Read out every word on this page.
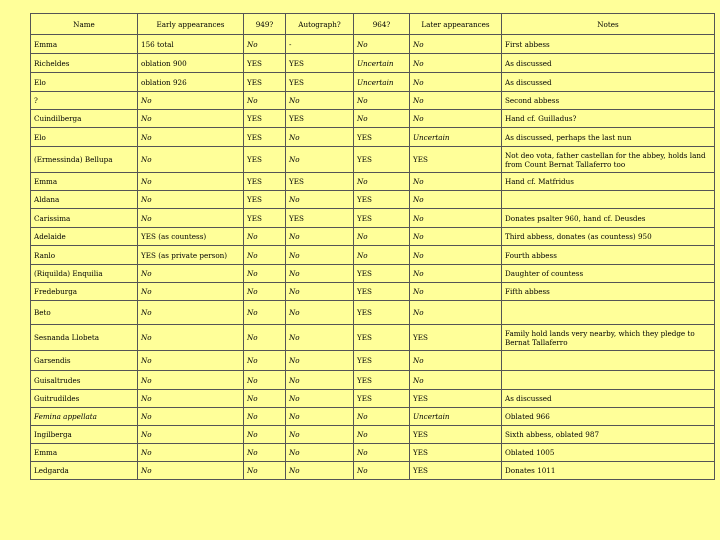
Name	Early appearances	949?	Autograph?	964?	Later appearances	Notes
Emma	156 total	No	-	No	No	First abbess
Richeldes	oblation 900	YES	YES	Uncertain	No	As discussed
Elo	oblation 926	YES	YES	Uncertain	No	As discussed
?	No	No	No	No	No	Second abbess
Cuindilberga	No	YES	YES	No	No	Hand cf. Guilladus?
Elo	No	YES	No	YES	Uncertain	As discussed, perhaps the last nun
(Ermessinda) Bellupa	No	YES	No	YES	YES	Not deo vota, father castellan for the abbey, holds land from Count Bernat Tallaferro too
Emma	No	YES	YES	No	No	Hand cf. Matfridus
Aldana	No	YES	No	YES	No	
Carissima	No	YES	YES	YES	No	Donates psalter 960, hand cf. Deusdes
Adelaide	YES (as countess)	No	No	No	No	Third abbess, donates (as countess) 950
Ranlo	YES (as private person)	No	No	No	No	Fourth abbess
(Riquilda) Enquilia	No	No	No	YES	No	Daughter of countess
Fredeburga	No	No	No	YES	No	Fifth abbess
Beto	No	No	No	YES	No	
Sesnanda Llobeta	No	No	No	YES	YES	Family hold lands very nearby, which they pledge to Bernat Tallaferro
Garsendis	No	No	No	YES	No	
Guisaltrudes	No	No	No	YES	No	
Guitrudildes	No	No	No	YES	YES	As discussed
Femina appellata	No	No	No	No	Uncertain	Oblated 966
Ingilberga	No	No	No	No	YES	Sixth abbess, oblated 987
Emma	No	No	No	No	YES	Oblated 1005
Ledgarda	No	No	No	No	YES	Donates 1011
